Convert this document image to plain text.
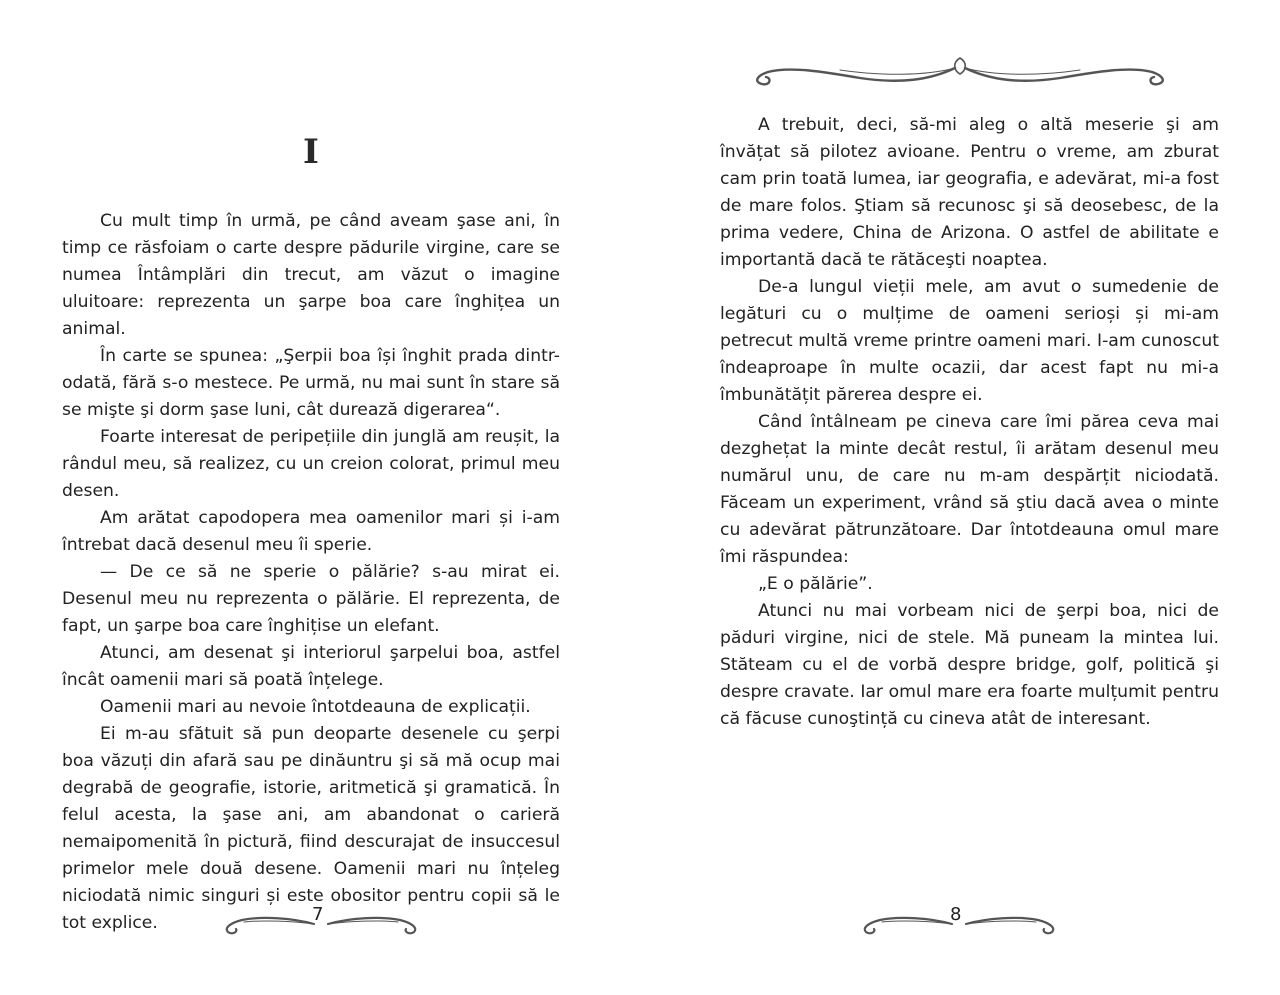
I

Cu mult timp în urmă, pe când aveam şase ani, în timp ce răsfoiam o carte despre pădurile virgine, care se numea Întâmplări din trecut, am văzut o imagine uluitoare: reprezenta un şarpe boa care înghițea un animal.

În carte se spunea: „Şerpii boa își înghit prada dintr-odată, fără s-o mestece. Pe urmă, nu mai sunt în stare să se mişte şi dorm şase luni, cât durează digerarea“.

Foarte interesat de peripețiile din junglă am reușit, la rândul meu, să realizez, cu un creion colorat, primul meu desen.

Am arătat capodopera mea oamenilor mari și i-am întrebat dacă desenul meu îi sperie.

— De ce să ne sperie o pălărie? s-au mirat ei. Desenul meu nu reprezenta o pălărie. El reprezenta, de fapt, un şarpe boa care înghițise un elefant.

Atunci, am desenat şi interiorul şarpelui boa, astfel încât oamenii mari să poată înțelege.

Oamenii mari au nevoie întotdeauna de explicații.

Ei m-au sfătuit să pun deoparte desenele cu şerpi boa văzuți din afară sau pe dinăuntru şi să mă ocup mai degrabă de geografie, istorie, aritmetică şi gramatică. În felul acesta, la şase ani, am abandonat o carieră nemaipomenită în pictură, fiind descurajat de insuccesul primelor mele două desene. Oamenii mari nu înțeleg niciodată nimic singuri și este obositor pentru copii să le tot explice.	7

A trebuit, deci, să-mi aleg o altă meserie şi am învățat să pilotez avioane. Pentru o vreme, am zburat cam prin toată lumea, iar geografia, e adevărat, mi-a fost de mare folos. Ştiam să recunosc şi să deosebesc, de la prima vedere, China de Arizona. O astfel de abilitate e importantă dacă te rătăceşti noaptea.

De-a lungul vieții mele, am avut o sumedenie de legături cu o mulțime de oameni serioși și mi-am petrecut multă vreme printre oameni mari. I-am cunoscut îndeaproape în multe ocazii, dar acest fapt nu mi-a îmbunătățit părerea despre ei.

Când întâlneam pe cineva care îmi părea ceva mai dezghețat la minte decât restul, îi arătam desenul meu numărul unu, de care nu m-am despărțit niciodată. Făceam un experiment, vrând să ştiu dacă avea o minte cu adevărat pătrunzătoare. Dar întotdeauna omul mare îmi răspundea:

„E o pălărie”.

Atunci nu mai vorbeam nici de şerpi boa, nici de păduri virgine, nici de stele. Mă puneam la mintea lui. Stăteam cu el de vorbă despre bridge, golf, politică şi despre cravate. Iar omul mare era foarte mulțumit pentru că făcuse cunoştință cu cineva atât de interesant.

8
